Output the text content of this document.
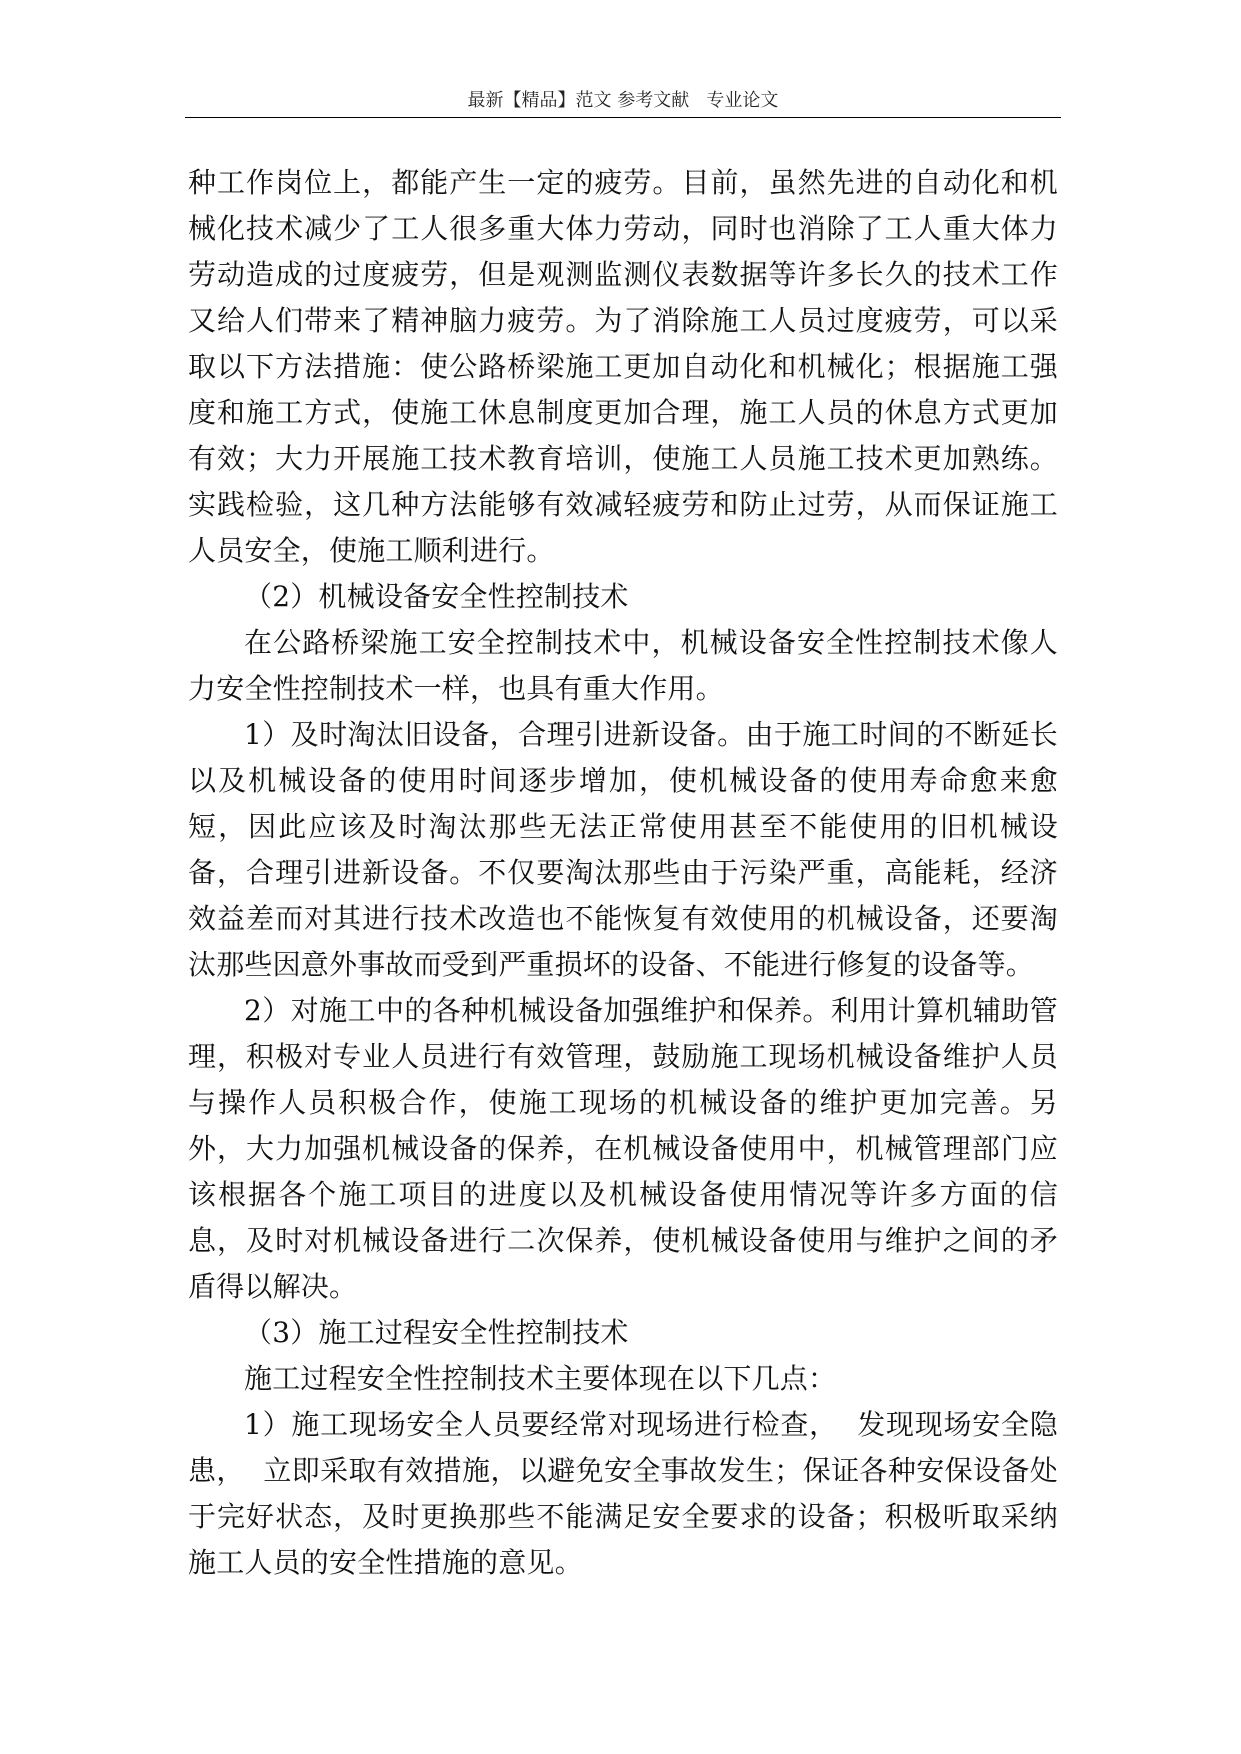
最新【精品】范文 参考文献   专业论文

种工作岗位上，都能产生一定的疲劳。目前，虽然先进的自动化和机械化技术减少了工人很多重大体力劳动，同时也消除了工人重大体力劳动造成的过度疲劳，但是观测监测仪表数据等许多长久的技术工作又给人们带来了精神脑力疲劳。为了消除施工人员过度疲劳，可以采取以下方法措施：使公路桥梁施工更加自动化和机械化；根据施工强度和施工方式，使施工休息制度更加合理，施工人员的休息方式更加有效；大力开展施工技术教育培训，使施工人员施工技术更加熟练。实践检验，这几种方法能够有效减轻疲劳和防止过劳，从而保证施工人员安全，使施工顺利进行。

（2）机械设备安全性控制技术

在公路桥梁施工安全控制技术中，机械设备安全性控制技术像人力安全性控制技术一样，也具有重大作用。

1）及时淘汰旧设备，合理引进新设备。由于施工时间的不断延长以及机械设备的使用时间逐步增加，使机械设备的使用寿命愈来愈短，因此应该及时淘汰那些无法正常使用甚至不能使用的旧机械设备，合理引进新设备。不仅要淘汰那些由于污染严重，高能耗，经济效益差而对其进行技术改造也不能恢复有效使用的机械设备，还要淘汰那些因意外事故而受到严重损坏的设备、不能进行修复的设备等。

2）对施工中的各种机械设备加强维护和保养。利用计算机辅助管理，积极对专业人员进行有效管理，鼓励施工现场机械设备维护人员与操作人员积极合作，使施工现场的机械设备的维护更加完善。另外，大力加强机械设备的保养，在机械设备使用中，机械管理部门应该根据各个施工项目的进度以及机械设备使用情况等许多方面的信息，及时对机械设备进行二次保养，使机械设备使用与维护之间的矛盾得以解决。

（3）施工过程安全性控制技术

施工过程安全性控制技术主要体现在以下几点：

1）施工现场安全人员要经常对现场进行检查，  发现现场安全隐患，  立即采取有效措施，以避免安全事故发生；保证各种安保设备处于完好状态，及时更换那些不能满足安全要求的设备；积极听取采纳施工人员的安全性措施的意见。
